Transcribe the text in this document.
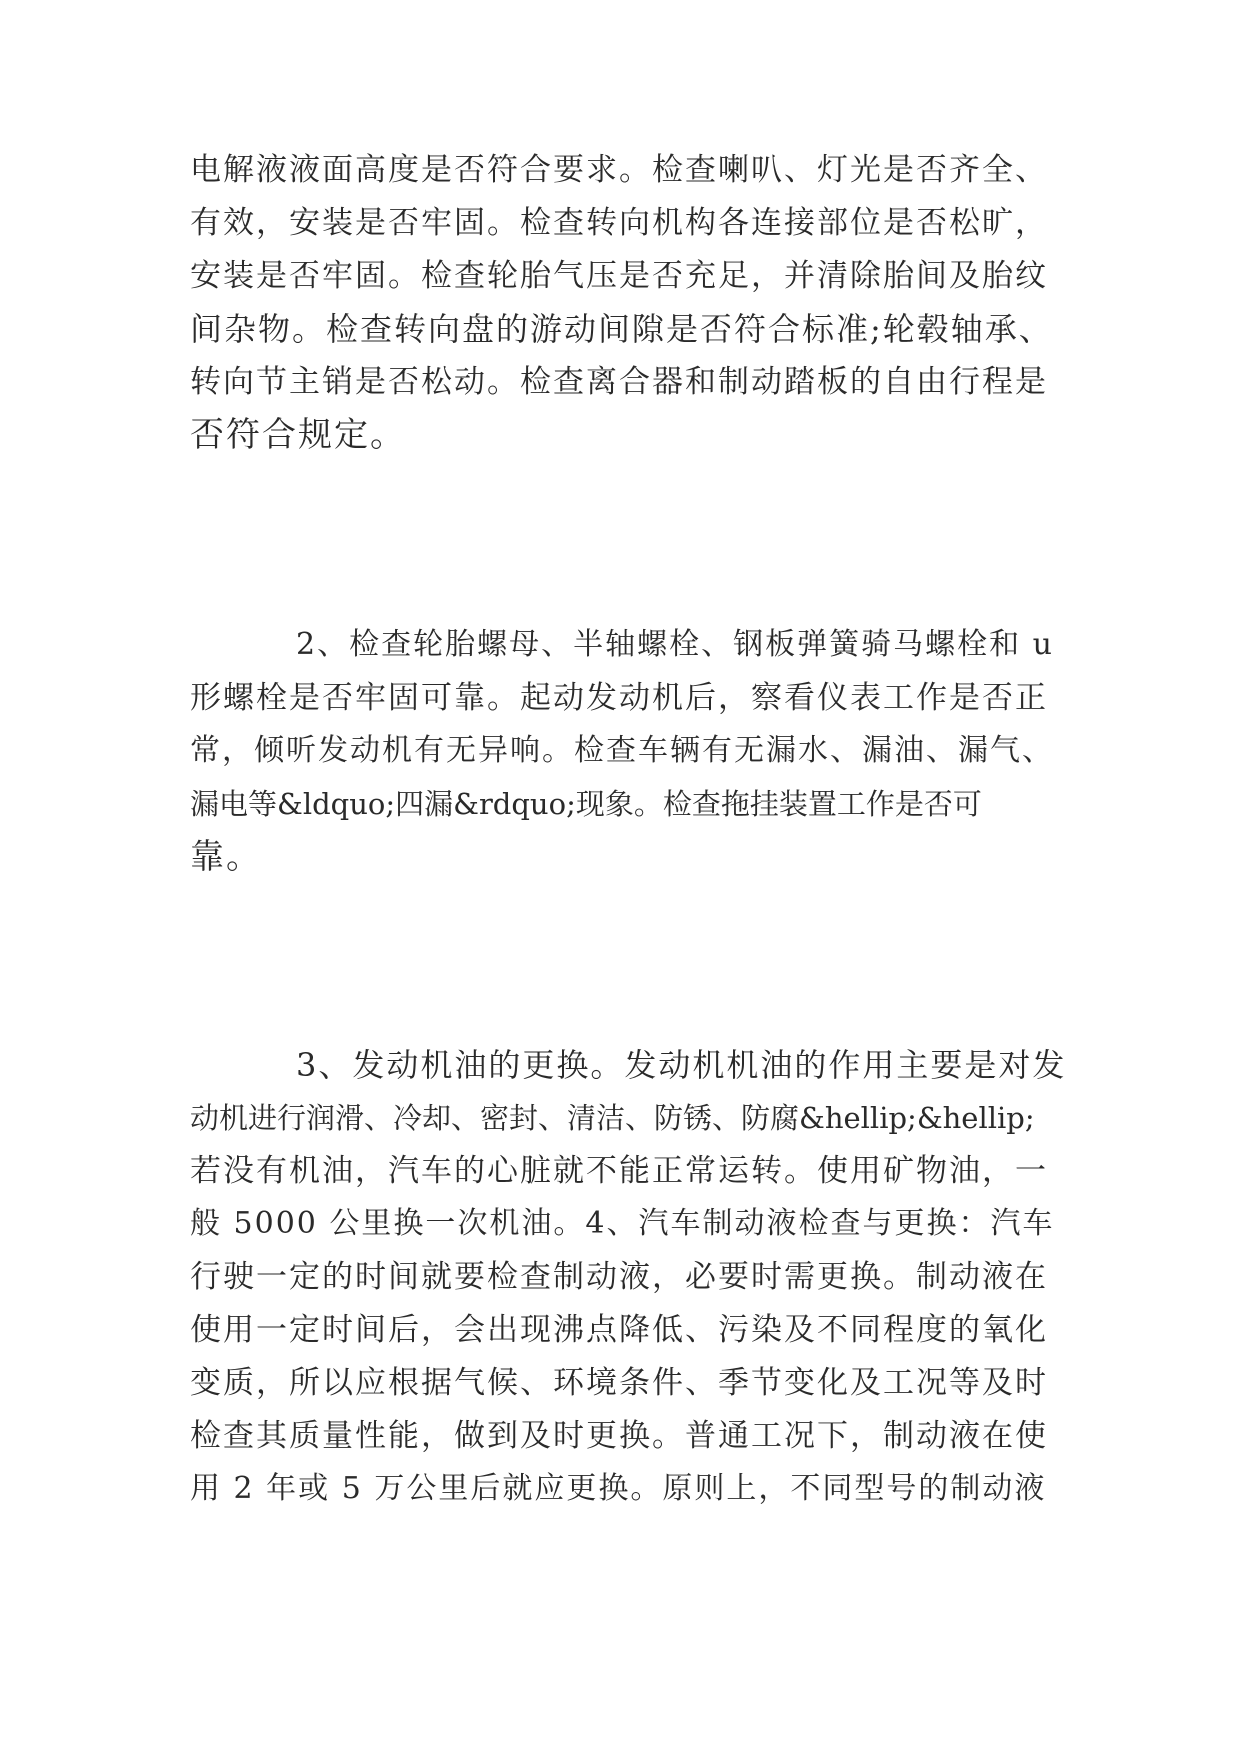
电解液液面高度是否符合要求。检查喇叭、灯光是否齐全、
有效，安装是否牢固。检查转向机构各连接部位是否松旷，
安装是否牢固。检查轮胎气压是否充足，并清除胎间及胎纹
间杂物。检查转向盘的游动间隙是否符合标准;轮毂轴承、
转向节主销是否松动。检查离合器和制动踏板的自由行程是
否符合规定。
2、检查轮胎螺母、半轴螺栓、钢板弹簧骑马螺栓和 u
形螺栓是否牢固可靠。起动发动机后，察看仪表工作是否正
常，倾听发动机有无异响。检查车辆有无漏水、漏油、漏气、
漏电等&ldquo;四漏&rdquo;现象。检查拖挂装置工作是否可
靠。
3、发动机油的更换。发动机机油的作用主要是对发
动机进行润滑、冷却、密封、清洁、防锈、防腐&hellip;&hellip;
若没有机油，汽车的心脏就不能正常运转。使用矿物油，一
般 5000 公里换一次机油。4、汽车制动液检查与更换：汽车
行驶一定的时间就要检查制动液，必要时需更换。制动液在
使用一定时间后，会出现沸点降低、污染及不同程度的氧化
变质，所以应根据气候、环境条件、季节变化及工况等及时
检查其质量性能，做到及时更换。普通工况下，制动液在使
用 2 年或 5 万公里后就应更换。原则上，不同型号的制动液
